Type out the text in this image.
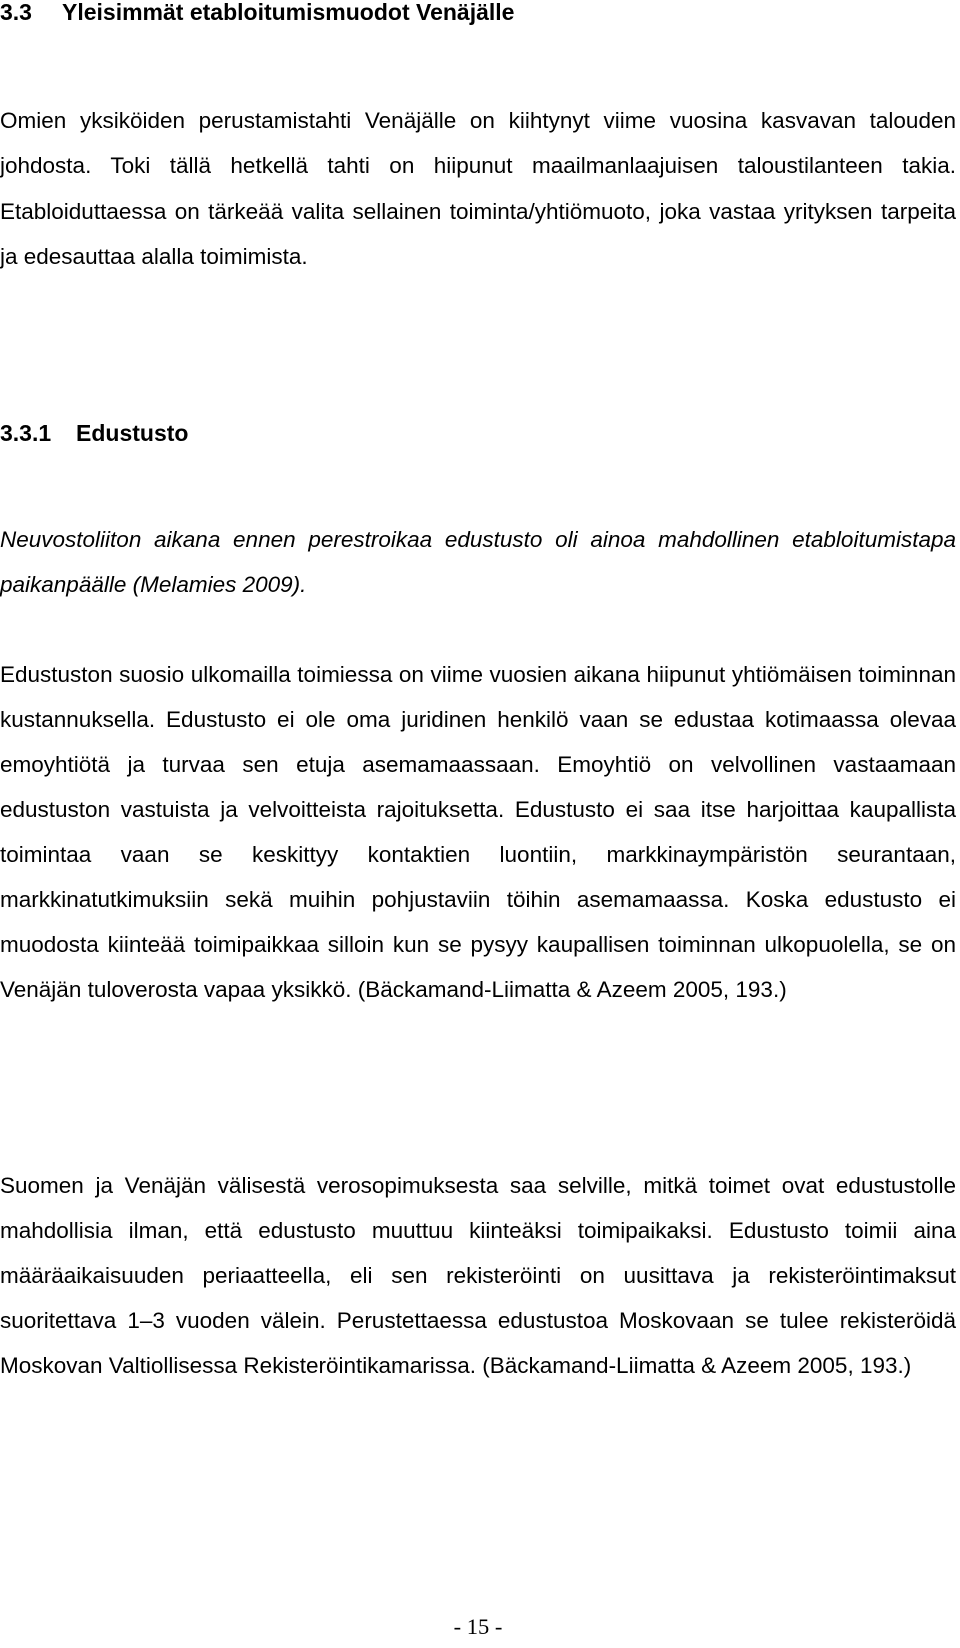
3.3 Yleisimmät etabloitumismuodot Venäjälle

Omien yksiköiden perustamistahti Venäjälle on kiihtynyt viime vuosina kasvavan talouden johdosta. Toki tällä hetkellä tahti on hiipunut maailmanlaajuisen taloustilanteen takia. Etabloiduttaessa on tärkeää valita sellainen toiminta/yhtiömuoto, joka vastaa yrityksen tarpeita ja edesauttaa alalla toimimista.

3.3.1 Edustusto

Neuvostoliiton aikana ennen perestroikaa edustusto oli ainoa mahdollinen etabloitumistapa paikanpäälle (Melamies 2009).

Edustuston suosio ulkomailla toimiessa on viime vuosien aikana hiipunut yhtiömäisen toiminnan kustannuksella. Edustusto ei ole oma juridinen henkilö vaan se edustaa kotimaassa olevaa emoyhtiötä ja turvaa sen etuja asemamaassaan. Emoyhtiö on velvollinen vastaamaan edustuston vastuista ja velvoitteista rajoituksetta. Edustusto ei saa itse harjoittaa kaupallista toimintaa vaan se keskittyy kontaktien luontiin, markkinaympäristön seurantaan, markkinatutkimuksiin sekä muihin pohjustaviin töihin asemamaassa. Koska edustusto ei muodosta kiinteää toimipaikkaa silloin kun se pysyy kaupallisen toiminnan ulkopuolella, se on Venäjän tuloverosta vapaa yksikkö. (Bäckamand-Liimatta & Azeem 2005, 193.)

Suomen ja Venäjän välisestä verosopimuksesta saa selville, mitkä toimet ovat edustustolle mahdollisia ilman, että edustusto muuttuu kiinteäksi toimipaikaksi. Edustusto toimii aina määräaikaisuuden periaatteella, eli sen rekisteröinti on uusittava ja rekisteröintimaksut suoritettava 1–3 vuoden välein. Perustettaessa edustustoa Moskovaan se tulee rekisteröidä Moskovan Valtiollisessa Rekisteröintikamarissa. (Bäckamand-Liimatta & Azeem 2005, 193.)

- 15 -
